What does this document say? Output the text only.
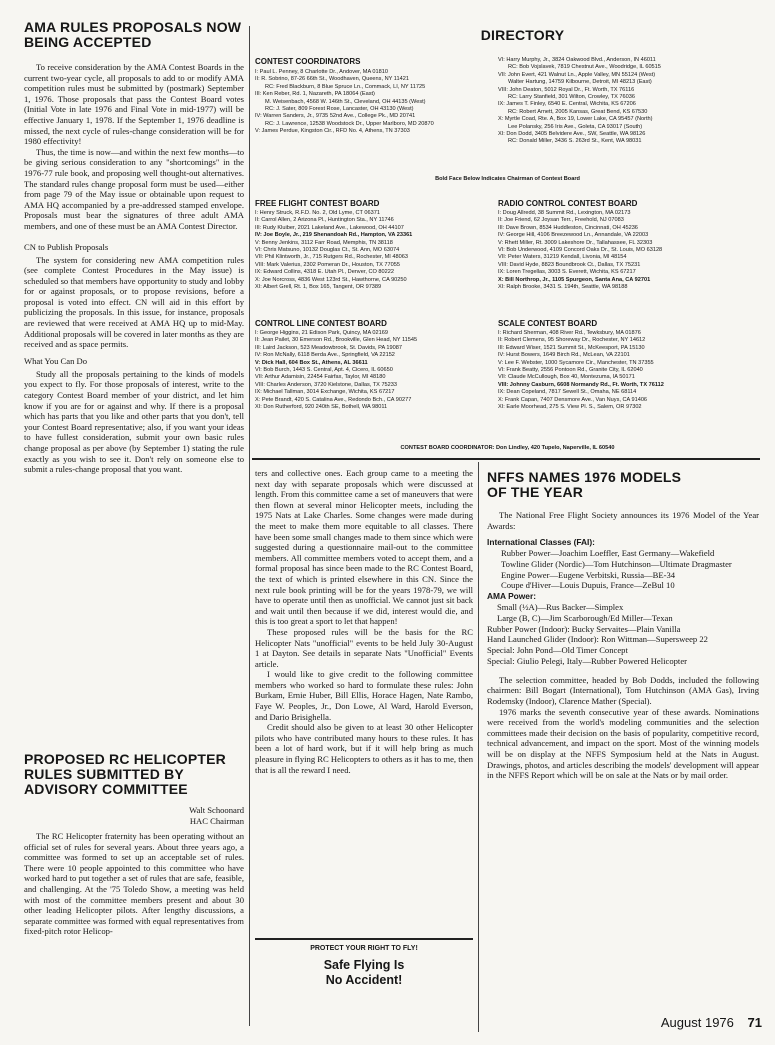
AMA RULES PROPOSALS NOW BEING ACCEPTED

To receive consideration by the AMA Contest Boards in the current two-year cycle, all proposals to add to or modify AMA competition rules must be submitted by (postmark) September 1, 1976. Those proposals that pass the Contest Board votes (Initial Vote in late 1976 and Final Vote in mid-1977) will be effective January 1, 1978. If the September 1, 1976 deadline is missed, the next cycle of rules-change consideration will be for 1980 effectivity!

Thus, the time is now—and within the next few months—to be giving serious consideration to any "shortcomings" in the 1976-77 rule book, and proposing well thought-out alternatives. The standard rules change proposal form must be used—either from page 79 of the May issue or obtainable upon request to AMA HQ accompanied by a pre-addressed stamped envelope. Proposals must bear the signatures of three adult AMA members, and one of these must be an AMA Contest Director.

CN to Publish Proposals

The system for considering new AMA competition rules (see complete Contest Procedures in the May issue) is scheduled so that members have opportunity to study and lobby for or against proposals, or to propose revisions, before a proposal is voted into effect. CN will aid in this effort by publicizing the proposals. In this issue, for instance, proposals are reviewed that were received at AMA HQ up to mid-May. Additional proposals will be covered in later months as they are received and as space permits.

What You Can Do

Study all the proposals pertaining to the kinds of models you expect to fly. For those proposals of interest, write to the category Contest Board member of your district, and let him know if you are for or against and why. If there is a proposal which has parts that you like and other parts that you don't, tell your Contest Board representative; also, if you want your ideas to have fullest consideration, submit your own basic rules change proposal as per above (by September 1) stating the rule exactly as you wish to see it. Don't rely on someone else to submit a rules-change proposal that you want.

PROPOSED RC HELICOPTER RULES SUBMITTED BY ADVISORY COMMITTEE
Walt Schoonard
HAC Chairman

The RC Helicopter fraternity has been operating without an official set of rules for several years. About three years ago, a committee was formed to set up an acceptable set of rules. There were 10 people appointed to this committee who have worked hard to put together a set of rules that are safe, feasible, and challenging. At the '75 Toledo Show, a meeting was held with most of the committee members present and about 30 other leading Helicopter pilots. After lengthy discussions, a separate committee was formed with equal representatives from fixed-pitch rotor Helicop-

DIRECTORY
CONTEST COORDINATORS
I: Paul L. Penney, 8 Charlotte Dr., Andover, MA 01810
II: R. Sobrino, 87-26 66th St., Woodhaven, Queens, NY 11421
RC: Fred Blackburn, 8 Blue Spruce Ln., Commack, LI, NY 11725
III: Ken Reber, Rd. 1, Nazareth, PA 18064 (East)
M. Weisenbach, 4568 W. 146th St., Cleveland, OH 44135 (West)
RC: J. Sater, 809 Forest Rose, Lancaster, OH 43130 (West)
IV: Warren Sanders, Jr., 9735 52nd Ave., College Pk., MD 20741
RC: J. Lawrence, 12538 Woodstock Dr., Upper Marlboro, MD 20870
V: James Perdue, Kingston Cir., RFD No. 4, Athens, TN 37303
VI: Harry Murphy, Jr., 3824 Oakwood Blvd., Anderson, IN 46011
RC: Bob Vojslavek, 7819 Chestnut Ave., Woodridge, IL 60515
VII: John Evert, 421 Walnut Ln., Apple Valley, MN 55124 (West)
Walter Hartung, 14759 Kilbourne, Detroit, MI 48213 (East)
VIII: John Deaton, 5012 Royal Dr., Ft. Worth, TX 76116
RC: Larry Stanfield, 301 Wilton, Crowley, TX 76036
IX: James T. Finley, 6540 E. Central, Wichita, KS 67206
RC: Robert Arnett, 2005 Kansas, Great Bend, KS 67530
X: Myrtle Coad, Rte. A, Box 19, Lower Lake, CA 95457 (North)
Lee Polansky, 256 Iris Ave., Goleta, CA 93017 (South)
XI: Don Dodd, 3405 Belvidere Ave., SW, Seattle, WA 98126
RC: Donald Miller, 3436 S. 263rd St., Kent, WA 98031
Bold Face Below Indicates Chairman of Contest Board
FREE FLIGHT CONTEST BOARD
I: Henry Struck, R.F.D. No. 2, Old Lyme, CT 06371
II: Carrol Allen, 2 Arizona Pl., Huntington Sta., NY 11746
III: Rudy Kluiber, 2021 Lakeland Ave., Lakewood, OH 44107
IV: Joe Boyle, Jr., 219 Shenandoah Rd., Hampton, VA 23361
V: Benny Jenkins, 3112 Farr Road, Memphis, TN 38118
VI: Chris Matsuno, 10132 Douglas Ct., St. Ann, MO 63074
VII: Phil Klintworth, Jr., 715 Rutgers Rd., Rochester, MI 48063
VIII: Mark Valerius, 2302 Pomeran Dr., Houston, TX 77055
IX: Edward Collins, 4318 E. Utah Pl., Denver, CO 80222
X: Joe Norcross, 4836 West 123rd St., Hawthorne, CA 90250
XI: Albert Grell, Rt. 1, Box 165, Tangent, OR 97389
RADIO CONTROL CONTEST BOARD
I: Doug Allredd, 38 Summit Rd., Lexington, MA 02173
II: Joe Friend, 62 Joysan Terr., Freehold, NJ 07083
III: Dave Brown, 8534 Huddleston, Cincinnati, OH 45236
IV: George Hill, 4106 Breezewood Ln., Annandale, VA 22003
V: Rhett Miller, Rt. 3009 Lakeshore Dr., Tallahassee, FL 32303
VI: Bob Underwood, 4109 Concord Oaks Dr., St. Louis, MO 63128
VII: Peter Waters, 31219 Kendall, Livonia, MI 48154
VIII: David Hyde, 8823 Boundbrook Ct., Dallas, TX 75231
IX: Loren Tregellas, 3003 S. Everett, Wichita, KS 67217
X: Bill Northrop, Jr., 1105 Spurgeon, Santa Ana, CA 92701
XI: Ralph Brooke, 3431 S. 194th, Seattle, WA 98188
CONTROL LINE CONTEST BOARD
I: George Higgins, 21 Edison Park, Quincy, MA 02169
II: Jean Pailet, 30 Emerson Rd., Brookville, Glen Head, NY 11545
III: Laird Jackson, 523 Meadowbrook, St. Davids, PA 19087
IV: Ron McNally, 6118 Berda Ave., Springfield, VA 22152
V: Dick Hall, 604 Box St., Athens, AL 36611
VI: Bob Burch, 1443 S. Central, Apt. 4, Cicero, IL 60650
VII: Arthur Adamisin, 22454 Fairfax, Taylor, MI 48180
VIII: Charles Anderson, 3720 Kielstone, Dallas, TX 75233
IX: Michael Tallman, 3014 Exchange, Wichita, KS 67217
X: Pete Brandt, 420 S. Catalina Ave., Redondo Bch., CA 90277
XI: Don Rutherford, 920 240th SE, Bothell, WA 98011
SCALE CONTEST BOARD
I: Richard Sherman, 408 River Rd., Tewksbury, MA 01876
II: Robert Clemens, 95 Shoreway Dr., Rochester, NY 14612
III: Edward Wiser, 1521 Summit St., McKeesport, PA 15130
IV: Hurst Bowers, 1649 Birch Rd., McLean, VA 22101
V: Lee F. Webster, 1000 Sycamore Cir., Manchester, TN 37355
VI: Frank Beatty, 2556 Pontoon Rd., Granite City, IL 62040
VII: Claude McCullough, Box 40, Montezuma, IA 50171
VIII: Johnny Casburn, 6608 Normandy Rd., Ft. Worth, TX 76112
IX: Dean Copeland, 7817 Sewell St., Omaha, NE 68114
X: Frank Capan, 7407 Densmore Ave., Van Nuys, CA 91406
XI: Earle Moorhead, 275 S. View Pl. S., Salem, OR 97302
CONTEST BOARD COORDINATOR: Don Lindley, 420 Tupelo, Naperville, IL 60540

ters and collective ones. Each group came to a meeting the next day with separate proposals which were discussed at length. From this committee came a set of maneuvers that were then flown at several minor Helicopter meets, including the 1975 Nats at Lake Charles. Some changes were made during the meet to make them more equitable to all classes. There have been some small changes made to them since which were suggested during a questionnaire mail-out to the committee members. All committee members voted to accept them, and a formal proposal has since been made to the RC Contest Board, the text of which is printed elsewhere in this CN. Since the next rule book printing will be for the years 1978-79, we will have to operate until then as unofficial. We cannot just sit back and wait until then because if we did, interest would die, and this is too great a sport to let that happen!

These proposed rules will be the basis for the RC Helicopter Nats "unofficial" events to be held July 30-August 1 at Dayton. See details in separate Nats "Unofficial" Events article.

I would like to give credit to the following committee members who worked so hard to formulate these rules: John Burkam, Ernie Huber, Bill Ellis, Horace Hagen, Nate Rambo, Faye W. Peoples, Jr., Don Lowe, Al Ward, Harold Everson, and Dario Brisighella.

Credit should also be given to at least 30 other Helicopter pilots who have contributed many hours to these rules. It has been a lot of hard work, but if it will help bring as much pleasure in flying RC Helicopters to others as it has to me, then that is all the reward I need.

PROTECT YOUR RIGHT TO FLY!
Safe Flying Is
No Accident!
NFFS NAMES 1976 MODELS OF THE YEAR

The National Free Flight Society announces its 1976 Model of the Year Awards:

International Classes (FAI):
Rubber Power—Joachim Loeffler, East Germany—Wakefield
Towline Glider (Nordic)—Tom Hutchinson—Ultimate Dragmaster
Engine Power—Eugene Verbitski, Russia—BE-34
Coupe d'Hiver—Louis Dupuis, France—ZeBul 10
AMA Power:
Small (½A)—Rus Backer—Simplex
Large (B, C)—Jim Scarborough/Ed Miller—Texan
Rubber Power (Indoor): Bucky Servaites—Plain Vanilla
Hand Launched Glider (Indoor): Ron Wittman—Supersweep 22
Special: John Pond—Old Timer Concept
Special: Giulio Pelegi, Italy—Rubber Powered Helicopter

The selection committee, headed by Bob Dodds, included the following chairmen: Bill Bogart (International), Tom Hutchinson (AMA Gas), Irving Rodemsky (Indoor), Clarence Mather (Special).

1976 marks the seventh consecutive year of these awards. Nominations were received from the world's modeling communities and the selection committees made their decision on the basis of popularity, competitive record, technical advancement, and impact on the sport. Most of the winning models will be on display at the NFFS Symposium held at the Nats in August. Drawings, photos, and articles describing the models' development will appear in the NFFS Report which will be on sale at the Nats or by mail order.

August 1976 71
